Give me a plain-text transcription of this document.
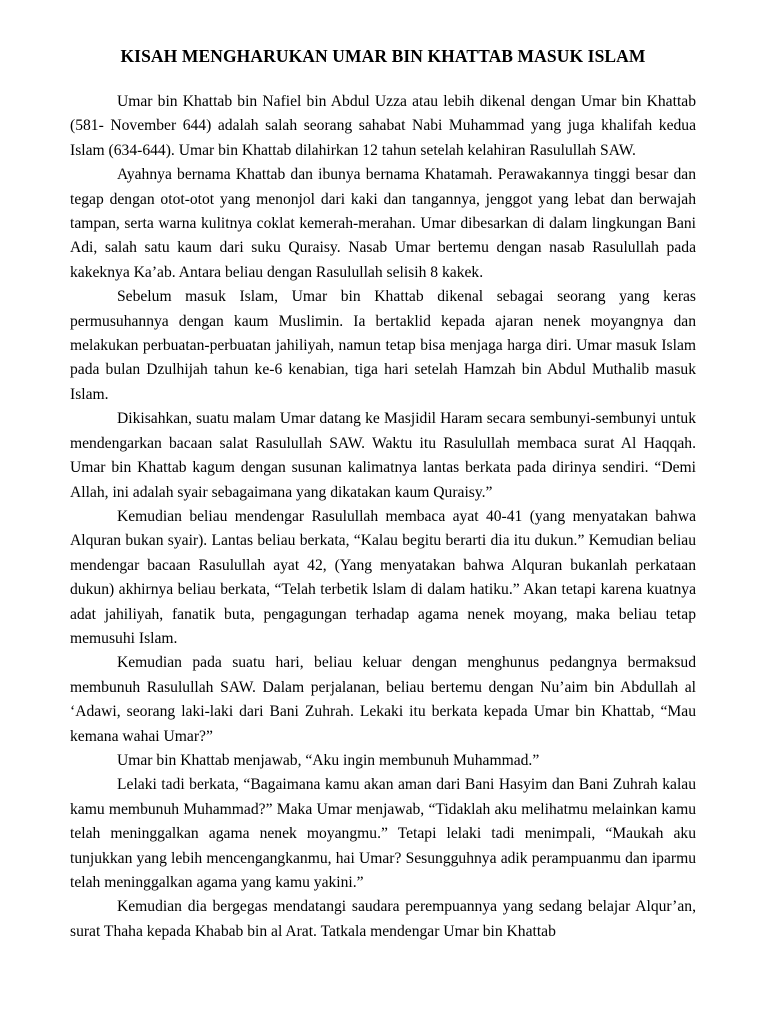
KISAH MENGHARUKAN UMAR BIN KHATTAB MASUK ISLAM

Umar bin Khattab bin Nafiel bin Abdul Uzza atau lebih dikenal dengan Umar bin Khattab (581- November 644) adalah salah seorang sahabat Nabi Muhammad yang juga khalifah kedua Islam (634-644). Umar bin Khattab dilahirkan 12 tahun setelah kelahiran Rasulullah SAW.

Ayahnya bernama Khattab dan ibunya bernama Khatamah. Perawakannya tinggi besar dan tegap dengan otot-otot yang menonjol dari kaki dan tangannya, jenggot yang lebat dan berwajah tampan, serta warna kulitnya coklat kemerah-merahan. Umar dibesarkan di dalam lingkungan Bani Adi, salah satu kaum dari suku Quraisy. Nasab Umar bertemu dengan nasab Rasulullah pada kakeknya Ka’ab. Antara beliau dengan Rasulullah selisih 8 kakek.

Sebelum masuk Islam, Umar bin Khattab dikenal sebagai seorang yang keras permusuhannya dengan kaum Muslimin. Ia bertaklid kepada ajaran nenek moyangnya dan melakukan perbuatan-perbuatan jahiliyah, namun tetap bisa menjaga harga diri. Umar masuk Islam pada bulan Dzulhijah tahun ke-6 kenabian, tiga hari setelah Hamzah bin Abdul Muthalib masuk Islam.

Dikisahkan, suatu malam Umar datang ke Masjidil Haram secara sembunyi-sembunyi untuk mendengarkan bacaan salat Rasulullah SAW. Waktu itu Rasulullah membaca surat Al Haqqah. Umar bin Khattab kagum dengan susunan kalimatnya lantas berkata pada dirinya sendiri. “Demi Allah, ini adalah syair sebagaimana yang dikatakan kaum Quraisy.”

Kemudian beliau mendengar Rasulullah membaca ayat 40-41 (yang menyatakan bahwa Alquran bukan syair). Lantas beliau berkata, “Kalau begitu berarti dia itu dukun.” Kemudian beliau mendengar bacaan Rasulullah ayat 42, (Yang menyatakan bahwa Alquran bukanlah perkataan dukun) akhirnya beliau berkata, “Telah terbetik lslam di dalam hatiku.” Akan tetapi karena kuatnya adat jahiliyah, fanatik buta, pengagungan terhadap agama nenek moyang, maka beliau tetap memusuhi Islam.

Kemudian pada suatu hari, beliau keluar dengan menghunus pedangnya bermaksud membunuh Rasulullah SAW. Dalam perjalanan, beliau bertemu dengan Nu’aim bin Abdullah al ‘Adawi, seorang laki-laki dari Bani Zuhrah. Lekaki itu berkata kepada Umar bin Khattab, “Mau kemana wahai Umar?”

Umar bin Khattab menjawab, “Aku ingin membunuh Muhammad.”

Lelaki tadi berkata, “Bagaimana kamu akan aman dari Bani Hasyim dan Bani Zuhrah kalau kamu membunuh Muhammad?” Maka Umar menjawab, “Tidaklah aku melihatmu melainkan kamu telah meninggalkan agama nenek moyangmu.” Tetapi lelaki tadi menimpali, “Maukah aku tunjukkan yang lebih mencengangkanmu, hai Umar? Sesungguhnya adik perampuanmu dan iparmu telah meninggalkan agama yang kamu yakini.”

Kemudian dia bergegas mendatangi saudara perempuannya yang sedang belajar Alqur’an, surat Thaha kepada Khabab bin al Arat. Tatkala mendengar Umar bin Khattab
